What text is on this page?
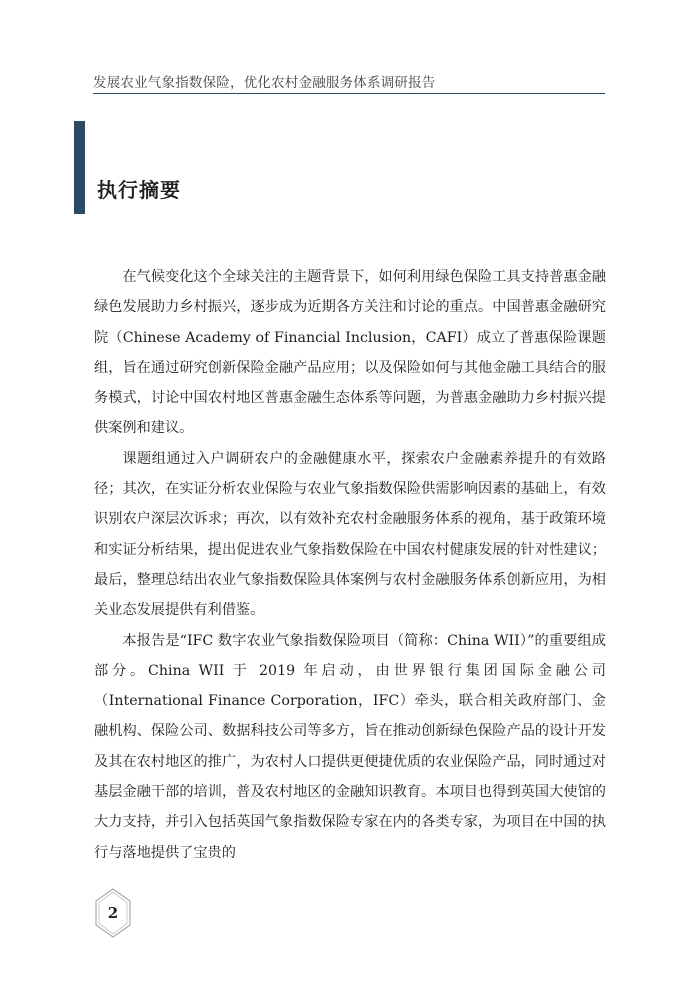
发展农业气象指数保险，优化农村金融服务体系调研报告
执行摘要

在气候变化这个全球关注的主题背景下，如何利用绿色保险工具支持普惠金融绿色发展助力乡村振兴，逐步成为近期各方关注和讨论的重点。中国普惠金融研究院（Chinese Academy of Financial Inclusion，CAFI）成立了普惠保险课题组，旨在通过研究创新保险金融产品应用；以及保险如何与其他金融工具结合的服务模式，讨论中国农村地区普惠金融生态体系等问题，为普惠金融助力乡村振兴提供案例和建议。

课题组通过入户调研农户的金融健康水平，探索农户金融素养提升的有效路径；其次，在实证分析农业保险与农业气象指数保险供需影响因素的基础上，有效识别农户深层次诉求；再次，以有效补充农村金融服务体系的视角，基于政策环境和实证分析结果，提出促进农业气象指数保险在中国农村健康发展的针对性建议；最后，整理总结出农业气象指数保险具体案例与农村金融服务体系创新应用，为相关业态发展提供有利借鉴。

本报告是“IFC 数字农业气象指数保险项目（简称：China WII）”的重要组成部分。China WII 于 2019 年启动，由世界银行集团国际金融公司（International Finance Corporation，IFC）牵头，联合相关政府部门、金融机构、保险公司、数据科技公司等多方，旨在推动创新绿色保险产品的设计开发及其在农村地区的推广，为农村人口提供更便捷优质的农业保险产品，同时通过对基层金融干部的培训，普及农村地区的金融知识教育。本项目也得到英国大使馆的大力支持，并引入包括英国气象指数保险专家在内的各类专家，为项目在中国的执行与落地提供了宝贵的

2
